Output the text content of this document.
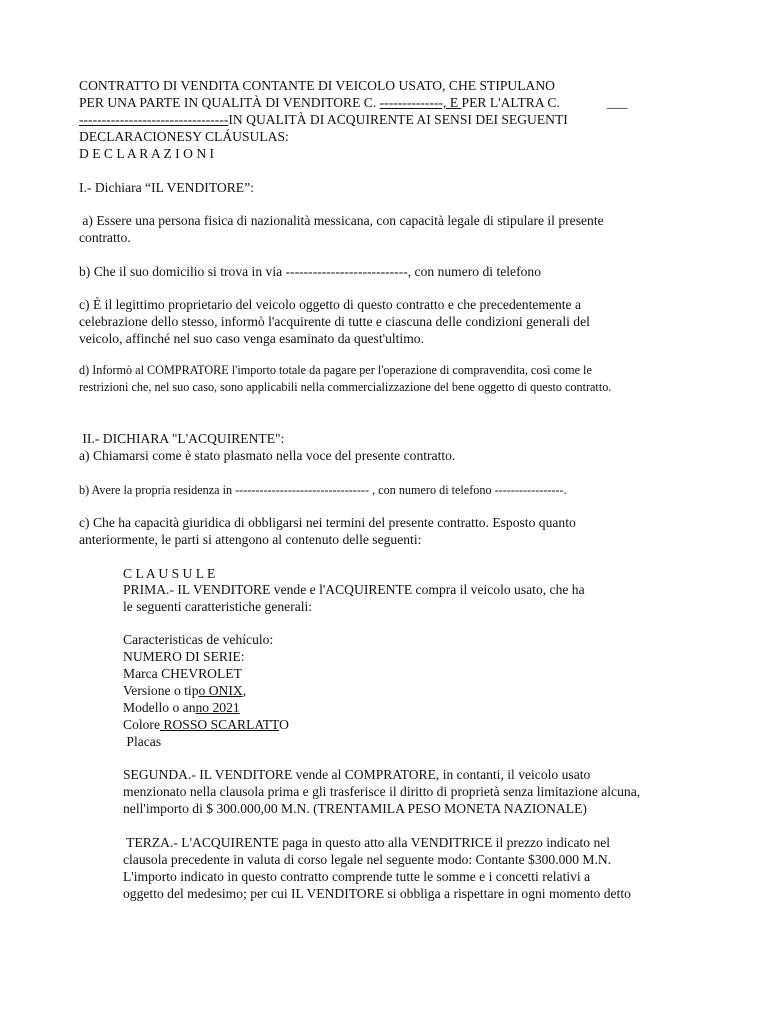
CONTRATTO DI VENDITA CONTANTE DI VEICOLO USATO, CHE STIPULANO
PER UNA PARTE IN QUALITÀ DI VENDITORE C. --------------, E PER L'ALTRA C.	___
---------------------------------IN QUALITÀ DI ACQUIRENTE AI SENSI DEI SEGUENTI
DECLARACIONESY CLÁUSULAS:
D E C L A R A Z I O N I
I.- Dichiara “IL VENDITORE”:
a) Essere una persona fisica di nazionalità messicana, con capacità legale di stipulare il presente
contratto.
b) Che il suo domicilio si trova in via ---------------------------, con numero di telefono
c) È il legittimo proprietario del veicolo oggetto di questo contratto e che precedentemente a
celebrazione dello stesso, informò l'acquirente di tutte e ciascuna delle condizioni generali del
veicolo, affinché nel suo caso venga esaminato da quest'ultimo.
d) Informò al COMPRATORE l'importo totale da pagare per l'operazione di compravendita, così come le
restrizioni che, nel suo caso, sono applicabili nella commercializzazione del bene oggetto di questo contratto.
II.- DICHIARA "L'ACQUIRENTE":
a) Chiamarsi come è stato plasmato nella voce del presente contratto.
b) Avere la propria residenza in --------------------------------- , con numero di telefono -----------------.
c) Che ha capacità giuridica di obbligarsi nei termini del presente contratto. Esposto quanto
anteriormente, le parti si attengono al contenuto delle seguenti:
C L A U S U L E
PRIMA.- IL VENDITORE vende e l'ACQUIRENTE compra il veicolo usato, che ha
le seguenti caratteristiche generali:
Caracteristicas de vehículo:
NUMERO DI SERIE:
Marca CHEVROLET
Versione o tipo ONIX,
Modello o anno 2021
Colore ROSSO SCARLATTO
Placas
SEGUNDA.- IL VENDITORE vende al COMPRATORE, in contanti, il veicolo usato
menzionato nella clausola prima e gli trasferisce il diritto di proprietà senza limitazione alcuna,
nell'importo di $ 300.000,00 M.N. (TRENTAMILA PESO MONETA NAZIONALE)
TERZA.- L'ACQUIRENTE paga in questo atto alla VENDITRICE il prezzo indicato nel
clausola precedente in valuta di corso legale nel seguente modo: Contante $300.000 M.N.
L'importo indicato in questo contratto comprende tutte le somme e i concetti relativi a
oggetto del medesimo; per cui IL VENDITORE si obbliga a rispettare in ogni momento detto
